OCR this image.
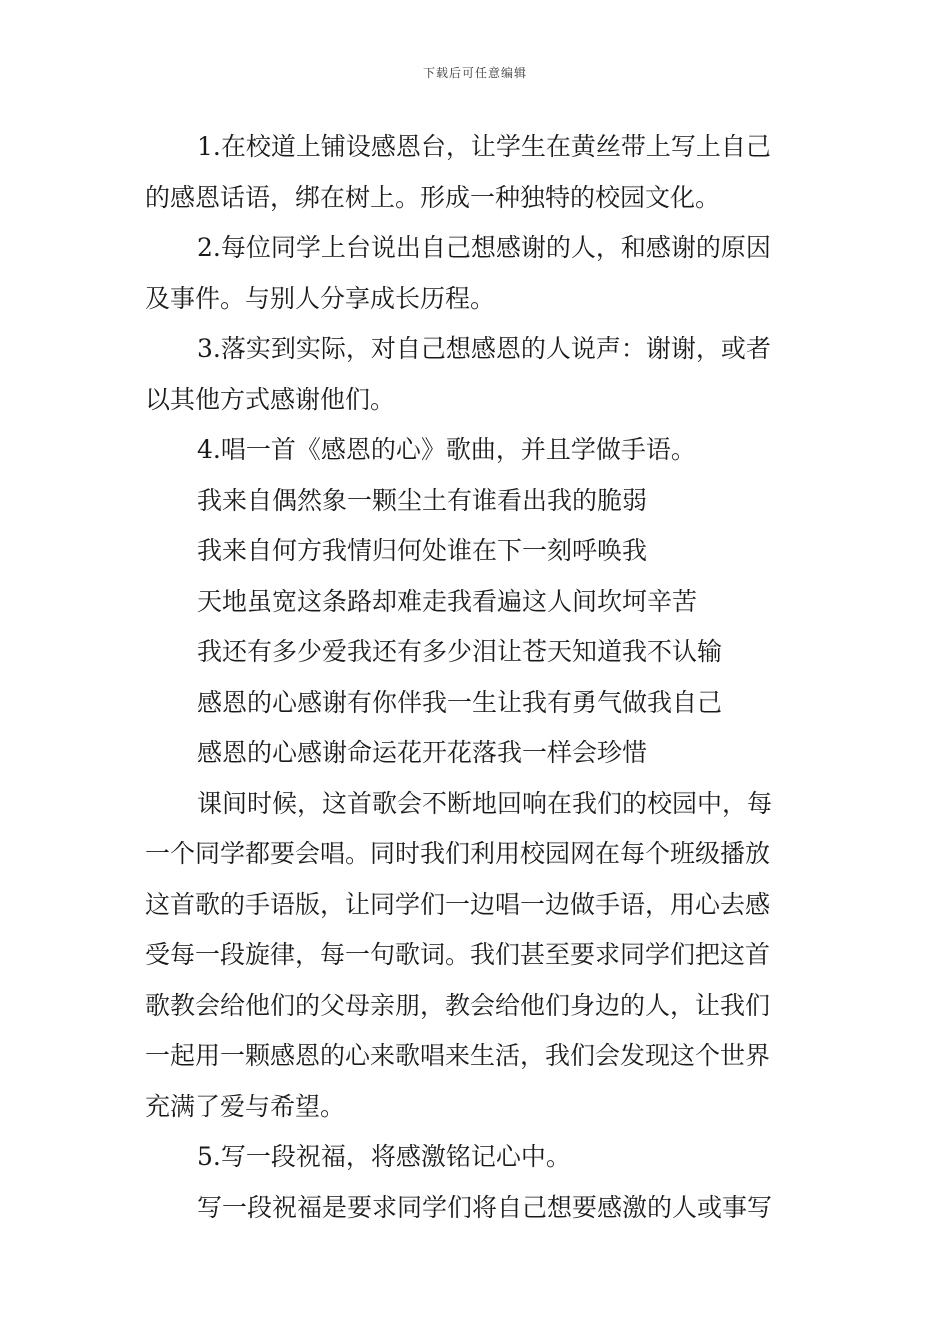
下载后可任意编辑
1.在校道上铺设感恩台，让学生在黄丝带上写上自己
的感恩话语，绑在树上。形成一种独特的校园文化。
2.每位同学上台说出自己想感谢的人，和感谢的原因
及事件。与别人分享成长历程。
3.落实到实际，对自己想感恩的人说声：谢谢，或者
以其他方式感谢他们。
4.唱一首《感恩的心》歌曲，并且学做手语。
我来自偶然象一颗尘土有谁看出我的脆弱
我来自何方我情归何处谁在下一刻呼唤我
天地虽宽这条路却难走我看遍这人间坎坷辛苦
我还有多少爱我还有多少泪让苍天知道我不认输
感恩的心感谢有你伴我一生让我有勇气做我自己
感恩的心感谢命运花开花落我一样会珍惜
课间时候，这首歌会不断地回响在我们的校园中，每
一个同学都要会唱。同时我们利用校园网在每个班级播放
这首歌的手语版，让同学们一边唱一边做手语，用心去感
受每一段旋律，每一句歌词。我们甚至要求同学们把这首
歌教会给他们的父母亲朋，教会给他们身边的人，让我们
一起用一颗感恩的心来歌唱来生活，我们会发现这个世界
充满了爱与希望。
5.写一段祝福，将感激铭记心中。
写一段祝福是要求同学们将自己想要感激的人或事写
